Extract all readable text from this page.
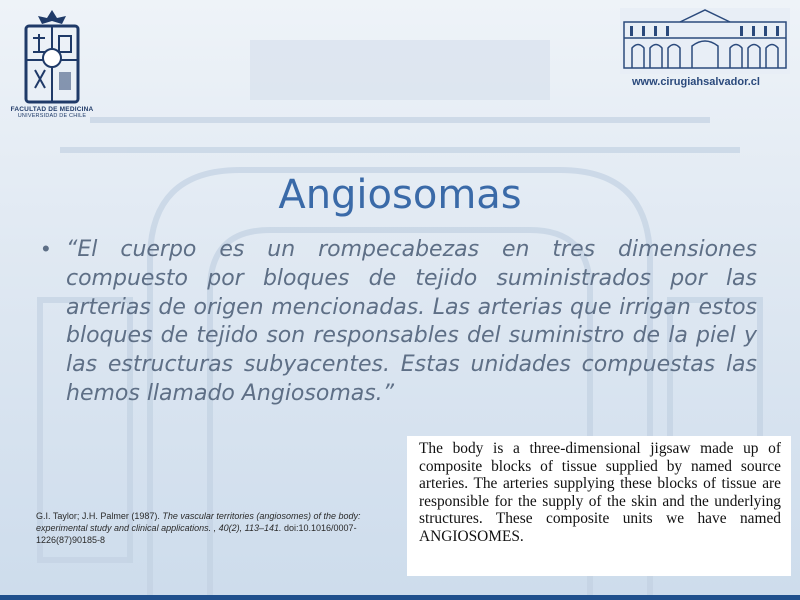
FACULTAD DE MEDICINA
UNIVERSIDAD DE CHILE
www.cirugiahsalvador.cl
Angiosomas
• “El cuerpo es un rompecabezas en tres dimensiones compuesto por bloques de tejido suministrados por las arterias de origen mencionadas. Las arterias que irrigan estos bloques de tejido son responsables del suministro de la piel y las estructuras subyacentes. Estas unidades compuestas las hemos llamado Angiosomas.”
G.I. Taylor; J.H. Palmer (1987). The vascular territories (angiosomes) of the body: experimental study and clinical applications. , 40(2), 113–141. doi:10.1016/0007-1226(87)90185-8
The body is a three-dimensional jigsaw made up of composite blocks of tissue supplied by named source arteries. The arteries supplying these blocks of tissue are responsible for the supply of the skin and the underlying structures. These composite units we have named ANGIOSOMES.
